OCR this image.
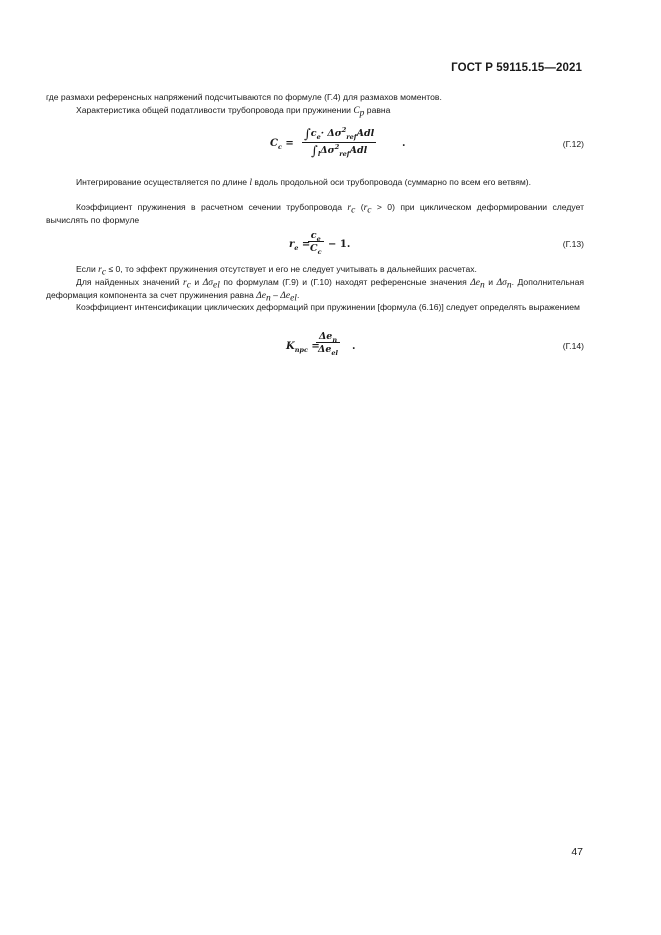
ГОСТ Р 59115.15—2021
где размахи референсных напряжений подсчитываются по формуле (Г.4) для размахов моментов.
Характеристика общей податливости трубопровода при пружинении $C_p$ равна
$C_c$ =
$\int c_e\cdot \Delta\sigma^2_{ref}Adl$
$\int_l\Delta\sigma^2_{ref}Adl$
.	(Г.12)
Интегрирование осуществляется по длине l вдоль продольной оси трубопровода (суммарно по всем его ветвям).
Коэффициент пружинения в расчетном сечении трубопровода $r_c$ $(r_c > 0)$ при циклическом деформировании следует вычислять по формуле
$r_e$ =
$\frac{c_e}{C_c} - 1$.	(Г.13)
Если $r_c \le 0$, то эффект пружинения отсутствует и его не следует учитывать в дальнейших расчетах.
Для найденных значений $r_c$ и $\Delta\sigma_{el}$ по формулам (Г.9) и (Г.10) находят референсные значения $\Delta e_n$ и $\Delta\sigma_n$. Дополнительная деформация компонента за счет пружинения равна $\Delta e_n - \Delta e_{el}$.
Коэффициент интенсификации циклических деформаций при пружинении [формула (6.16)] следует определять выражением
$K_{npc}$ =
$\Delta e_n$
$\Delta e_{el}$
.	(Г.14)
47
